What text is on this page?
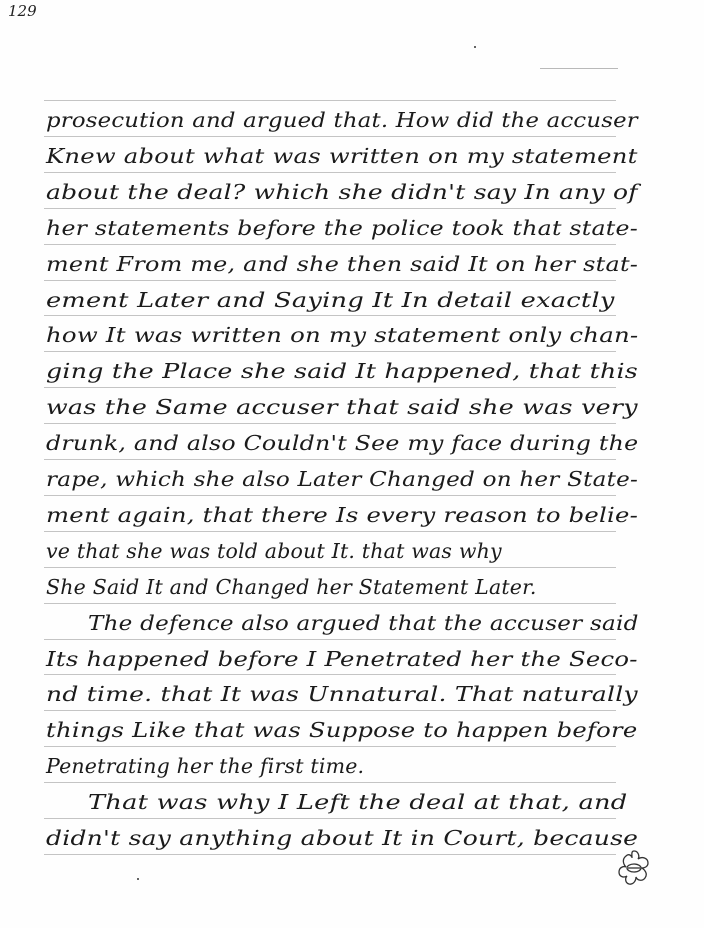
129
prosecution and argued that. How did the accuser
Knew about what was written on my statement
about the deal? which she didn't say In any of
her statements before the police took that state-
ment From me, and she then said It on her stat-
ement Later and Saying It In detail exactly
how It was written on my statement only chan-
ging the Place she said It happened, that this
was the Same accuser that said she was very
drunk, and also Couldn't See my face during the
rape, which she also Later Changed on her State-
ment again, that there Is every reason to belie-
ve that she was told about It. that was why
She Said It and Changed her Statement Later.
The defence also argued that the accuser said
Its happened before I Penetrated her the Seco-
nd time. that It was Unnatural. That naturally
things Like that was Suppose to happen before
Penetrating her the first time.
That was why I Left the deal at that, and
didn't say anything about It in Court, because
